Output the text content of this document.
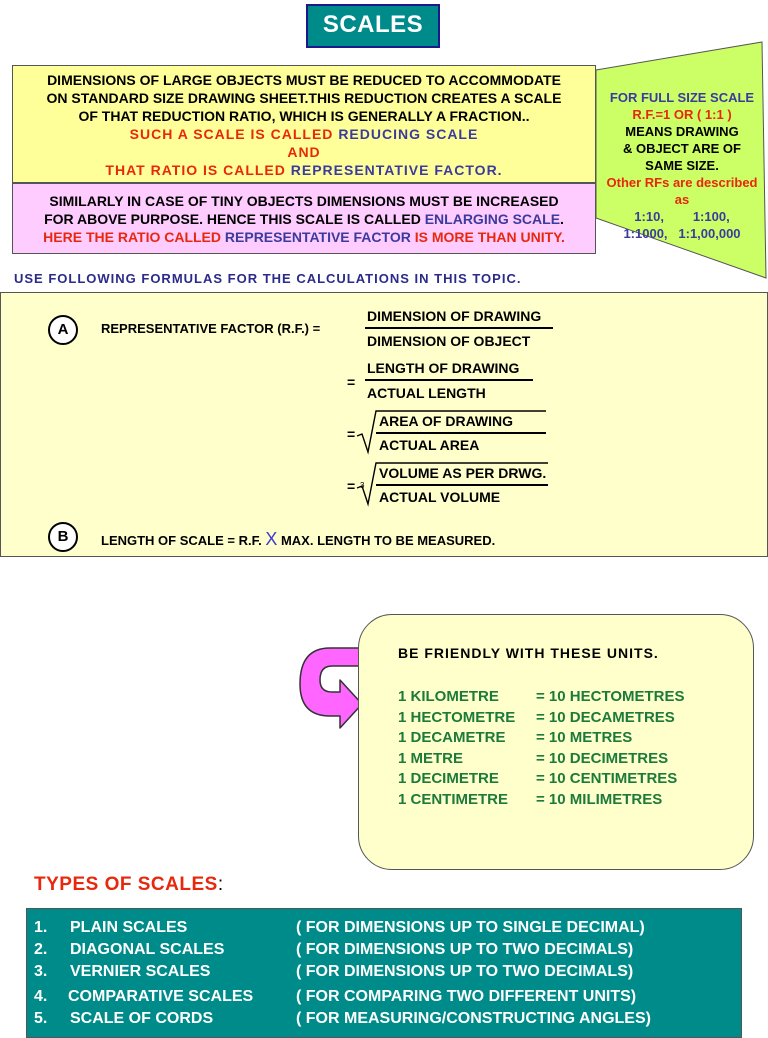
SCALES
FOR FULL SIZE SCALE
R.F.=1 OR ( 1:1 )
MEANS DRAWING
& OBJECT ARE OF
SAME SIZE.
Other RFs are described
as
1:10,        1:100,
1:1000,   1:1,00,000
DIMENSIONS OF LARGE OBJECTS MUST BE REDUCED TO ACCOMMODATE
ON STANDARD SIZE DRAWING SHEET.THIS REDUCTION CREATES A SCALE
OF THAT REDUCTION RATIO, WHICH IS GENERALLY A FRACTION..
SUCH A SCALE IS CALLED REDUCING SCALE
AND
THAT RATIO IS CALLED REPRESENTATIVE FACTOR.
SIMILARLY IN CASE OF TINY OBJECTS DIMENSIONS MUST BE INCREASED
FOR ABOVE PURPOSE. HENCE THIS SCALE IS CALLED ENLARGING SCALE.
HERE THE RATIO CALLED REPRESENTATIVE FACTOR IS MORE THAN UNITY.
USE FOLLOWING FORMULAS FOR THE CALCULATIONS IN THIS TOPIC.
A	REPRESENTATIVE FACTOR (R.F.) =
DIMENSION OF DRAWING
DIMENSION OF OBJECT
=
LENGTH OF DRAWING
ACTUAL LENGTH
=
AREA OF DRAWING
ACTUAL AREA
= 3
VOLUME AS PER DRWG.
ACTUAL VOLUME
B	LENGTH OF SCALE = R.F. X MAX. LENGTH TO BE MEASURED.
BE FRIENDLY WITH THESE UNITS.
1 KILOMETRE = 10 HECTOMETRES
1 HECTOMETRE = 10 DECAMETRES
1 DECAMETRE = 10 METRES
1 METRE	= 10 DECIMETRES
1 DECIMETRE = 10 CENTIMETRES
1 CENTIMETRE = 10 MILIMETRES
TYPES OF SCALES:
1. PLAIN SCALES	( FOR DIMENSIONS UP TO SINGLE DECIMAL)
2. DIAGONAL SCALES	( FOR DIMENSIONS UP TO TWO DECIMALS)
3. VERNIER SCALES	( FOR DIMENSIONS UP TO TWO DECIMALS)
4. COMPARATIVE SCALES	( FOR COMPARING TWO DIFFERENT UNITS)
5. SCALE OF CORDS	( FOR MEASURING/CONSTRUCTING ANGLES)
